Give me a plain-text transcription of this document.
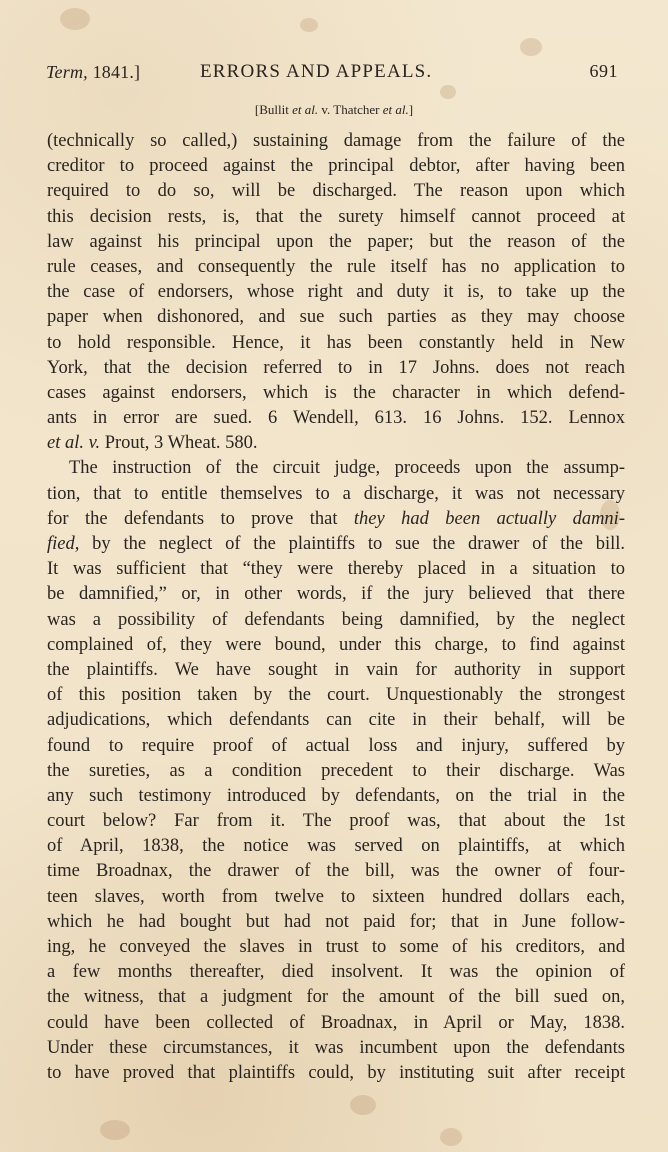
Term, 1841.]	ERRORS AND APPEALS.	691
[Bullit et al. v. Thatcher et al.]
(technically so called,) sustaining damage from the failure of the
creditor to proceed against the principal debtor, after having been
required to do so, will be discharged. The reason upon which
this decision rests, is, that the surety himself cannot proceed at
law against his principal upon the paper; but the reason of the
rule ceases, and consequently the rule itself has no application to
the case of endorsers, whose right and duty it is, to take up the
paper when dishonored, and sue such parties as they may choose
to hold responsible. Hence, it has been constantly held in New
York, that the decision referred to in 17 Johns. does not reach
cases against endorsers, which is the character in which defend-
ants in error are sued. 6 Wendell, 613. 16 Johns. 152. Lennox
et al. v. Prout, 3 Wheat. 580.
The instruction of the circuit judge, proceeds upon the assump-
tion, that to entitle themselves to a discharge, it was not necessary
for the defendants to prove that they had been actually damni-
fied, by the neglect of the plaintiffs to sue the drawer of the bill.
It was sufficient that “they were thereby placed in a situation to
be damnified,” or, in other words, if the jury believed that there
was a possibility of defendants being damnified, by the neglect
complained of, they were bound, under this charge, to find against
the plaintiffs. We have sought in vain for authority in support
of this position taken by the court. Unquestionably the strongest
adjudications, which defendants can cite in their behalf, will be
found to require proof of actual loss and injury, suffered by
the sureties, as a condition precedent to their discharge. Was
any such testimony introduced by defendants, on the trial in the
court below? Far from it. The proof was, that about the 1st
of April, 1838, the notice was served on plaintiffs, at which
time Broadnax, the drawer of the bill, was the owner of four-
teen slaves, worth from twelve to sixteen hundred dollars each,
which he had bought but had not paid for; that in June follow-
ing, he conveyed the slaves in trust to some of his creditors, and
a few months thereafter, died insolvent. It was the opinion of
the witness, that a judgment for the amount of the bill sued on,
could have been collected of Broadnax, in April or May, 1838.
Under these circumstances, it was incumbent upon the defendants
to have proved that plaintiffs could, by instituting suit after receipt
